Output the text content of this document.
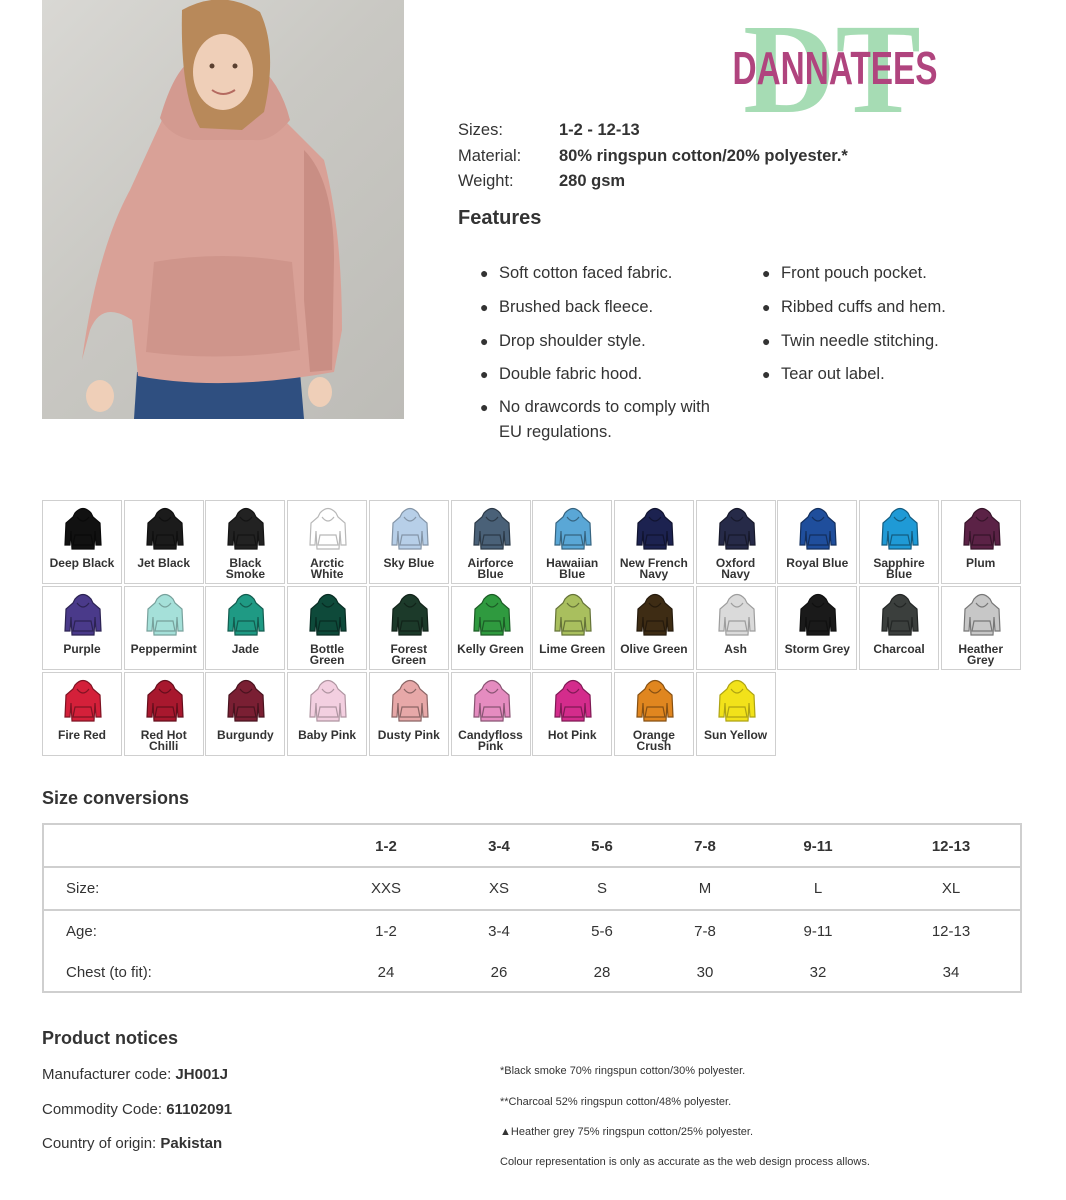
DT
DANNATEES
Sizes:	1-2 - 12-13
Material:	80% ringspun cotton/20% polyester.*
Weight:	280 gsm
Features
● Soft cotton faced fabric.
● Brushed back fleece.
● Drop shoulder style.
● Double fabric hood.
● No drawcords to comply with
EU regulations.
● Front pouch pocket.
● Ribbed cuffs and hem.
● Twin needle stitching.
● Tear out label.
Deep Black	Jet Black	Black
Smoke
Arctic
White
Sky Blue	Airforce
Blue
Hawaiian
Blue
New French
Navy
Oxford
Navy
Royal Blue	Sapphire
Blue
Plum
Purple	Peppermint	Jade	Bottle
Green
Forest
Green
Kelly Green	Lime Green	Olive Green	Ash	Storm Grey	Charcoal	Heather
Grey
Fire Red	Red Hot
Chilli
Burgundy	Baby Pink	Dusty Pink	Candyfloss
Pink
Hot Pink	Orange
Crush
Sun Yellow
Size conversions
1-2	3-4	5-6	7-8	9-11	12-13
Size:	XXS	XS	S	M	L	XL
Age:	1-2	3-4	5-6	7-8	9-11	12-13
Chest (to fit):	24	26	28	30	32	34
Product notices
Manufacturer code: JH001J
Commodity Code: 61102091
Country of origin: Pakistan
*Black smoke 70% ringspun cotton/30% polyester.
**Charcoal 52% ringspun cotton/48% polyester.
▲Heather grey 75% ringspun cotton/25% polyester.
Colour representation is only as accurate as the web design process allows.
